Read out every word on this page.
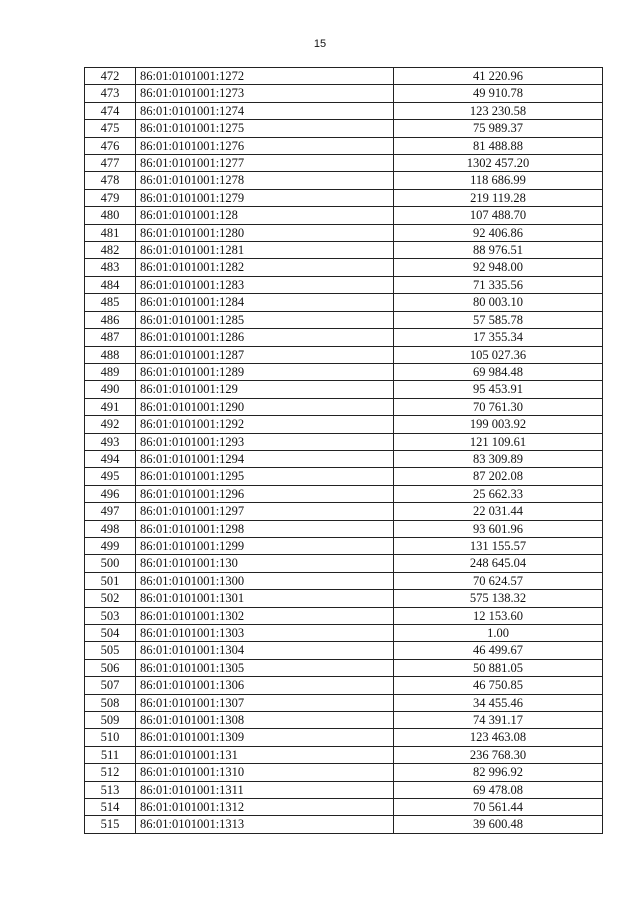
15
472	86:01:0101001:1272	41 220.96
473	86:01:0101001:1273	49 910.78
474	86:01:0101001:1274	123 230.58
475	86:01:0101001:1275	75 989.37
476	86:01:0101001:1276	81 488.88
477	86:01:0101001:1277	1302 457.20
478	86:01:0101001:1278	118 686.99
479	86:01:0101001:1279	219 119.28
480	86:01:0101001:128	107 488.70
481	86:01:0101001:1280	92 406.86
482	86:01:0101001:1281	88 976.51
483	86:01:0101001:1282	92 948.00
484	86:01:0101001:1283	71 335.56
485	86:01:0101001:1284	80 003.10
486	86:01:0101001:1285	57 585.78
487	86:01:0101001:1286	17 355.34
488	86:01:0101001:1287	105 027.36
489	86:01:0101001:1289	69 984.48
490	86:01:0101001:129	95 453.91
491	86:01:0101001:1290	70 761.30
492	86:01:0101001:1292	199 003.92
493	86:01:0101001:1293	121 109.61
494	86:01:0101001:1294	83 309.89
495	86:01:0101001:1295	87 202.08
496	86:01:0101001:1296	25 662.33
497	86:01:0101001:1297	22 031.44
498	86:01:0101001:1298	93 601.96
499	86:01:0101001:1299	131 155.57
500	86:01:0101001:130	248 645.04
501	86:01:0101001:1300	70 624.57
502	86:01:0101001:1301	575 138.32
503	86:01:0101001:1302	12 153.60
504	86:01:0101001:1303	1.00
505	86:01:0101001:1304	46 499.67
506	86:01:0101001:1305	50 881.05
507	86:01:0101001:1306	46 750.85
508	86:01:0101001:1307	34 455.46
509	86:01:0101001:1308	74 391.17
510	86:01:0101001:1309	123 463.08
511	86:01:0101001:131	236 768.30
512	86:01:0101001:1310	82 996.92
513	86:01:0101001:1311	69 478.08
514	86:01:0101001:1312	70 561.44
515	86:01:0101001:1313	39 600.48
